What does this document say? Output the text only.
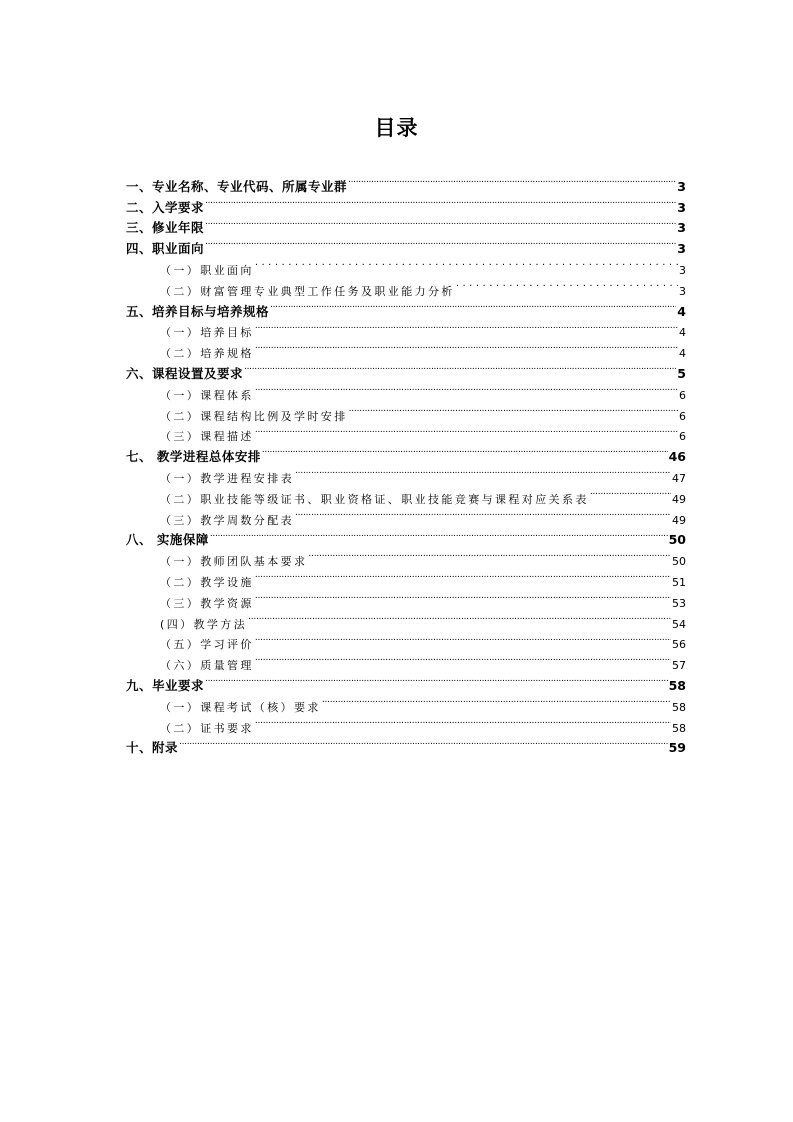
目录
一、专业名称、专业代码、所属专业群 .....	3
二、入学要求 .....	3
三、修业年限 .....	3
四、职业面向 .....	3
（一）职业面向 .....	3
（二）财富管理专业典型工作任务及职业能力分析 .....	3
五、培养目标与培养规格 .....	4
（一）培养目标 .....	4
（二）培养规格 .....	4
六、课程设置及要求 .....	5
（一）课程体系 .....	6
（二）课程结构比例及学时安排 .....	6
（三）课程描述 .....	6
七、 教学进程总体安排 .....	46
（一）教学进程安排表 .....	47
（二）职业技能等级证书、职业资格证、职业技能竞赛与课程对应关系表 .....	49
（三）教学周数分配表 .....	49
八、 实施保障 .....	50
（一）教师团队基本要求 .....	50
（二）教学设施 .....	51
（三）教学资源 .....	53
(四）教学方法 .....	54
（五）学习评价 .....	56
（六）质量管理 .....	57
九、毕业要求 .....	58
（一）课程考试（核）要求 .....	58
（二）证书要求 .....	58
十、附录 .....	59
